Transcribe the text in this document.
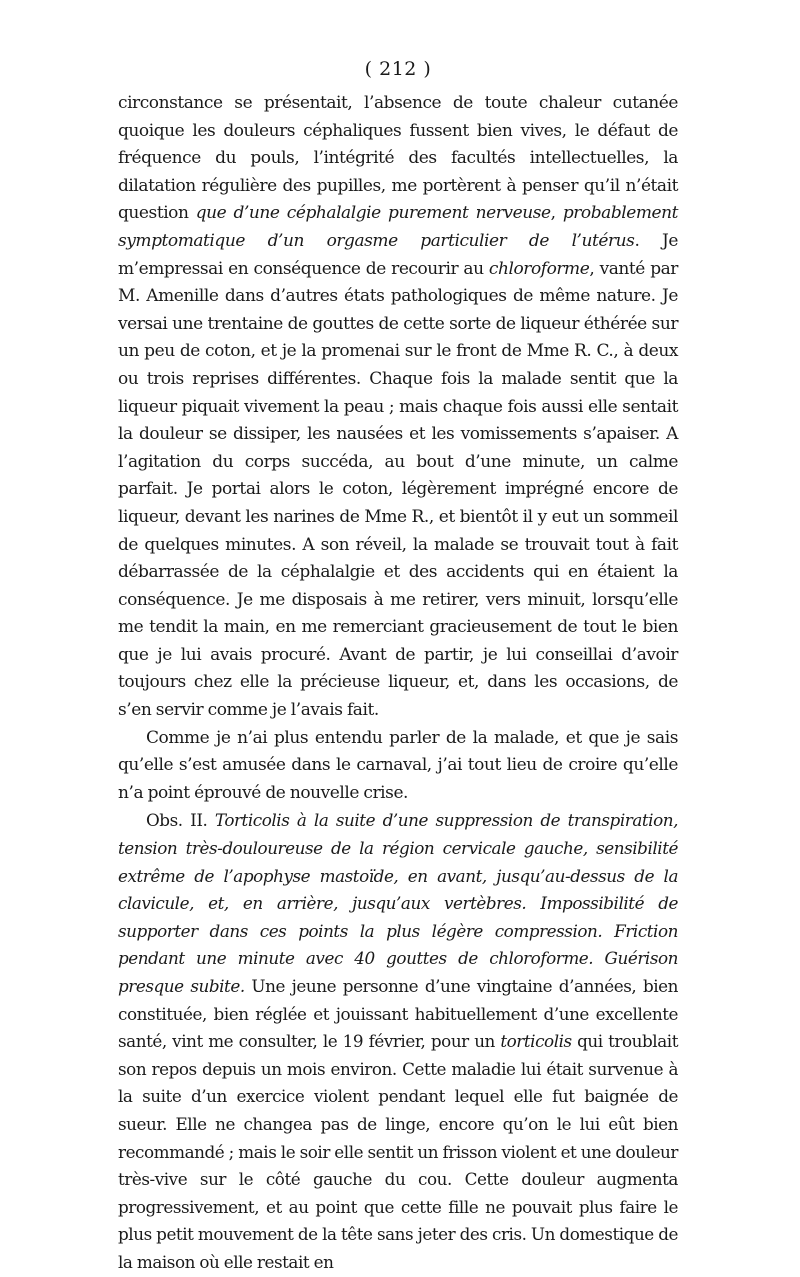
( 212 )

circonstance se présentait, l’absence de toute chaleur cutanée quoique les douleurs céphaliques fussent bien vives, le défaut de fréquence du pouls, l’intégrité des facultés intellectuelles, la dilatation régulière des pupilles, me portèrent à penser qu’il n’était question que d’une céphalalgie purement nerveuse, probablement symptomatique d’un orgasme particulier de l’utérus. Je m’empressai en conséquence de recourir au chloroforme, vanté par M. Amenille dans d’autres états pathologiques de même nature. Je versai une trentaine de gouttes de cette sorte de liqueur éthérée sur un peu de coton, et je la promenai sur le front de Mme R. C., à deux ou trois reprises différentes. Chaque fois la malade sentit que la liqueur piquait vivement la peau ; mais chaque fois aussi elle sentait la douleur se dissiper, les nausées et les vomissements s’apaiser. A l’agitation du corps succéda, au bout d’une minute, un calme parfait. Je portai alors le coton, légèrement imprégné encore de liqueur, devant les narines de Mme R., et bientôt il y eut un sommeil de quelques minutes. A son réveil, la malade se trouvait tout à fait débarrassée de la céphalalgie et des accidents qui en étaient la conséquence. Je me disposais à me retirer, vers minuit, lorsqu’elle me tendit la main, en me remerciant gracieusement de tout le bien que je lui avais procuré. Avant de partir, je lui conseillai d’avoir toujours chez elle la précieuse liqueur, et, dans les occasions, de s’en servir comme je l’avais fait.

Comme je n’ai plus entendu parler de la malade, et que je sais qu’elle s’est amusée dans le carnaval, j’ai tout lieu de croire qu’elle n’a point éprouvé de nouvelle crise.

Obs. II. Torticolis à la suite d’une suppression de transpiration, tension très-douloureuse de la région cervicale gauche, sensibilité extrême de l’apophyse mastoïde, en avant, jusqu’au-dessus de la clavicule, et, en arrière, jusqu’aux vertèbres. Impossibilité de supporter dans ces points la plus légère compression. Friction pendant une minute avec 40 gouttes de chloroforme. Guérison presque subite. Une jeune personne d’une vingtaine d’années, bien constituée, bien réglée et jouissant habituellement d’une excellente santé, vint me consulter, le 19 février, pour un torticolis qui troublait son repos depuis un mois environ. Cette maladie lui était survenue à la suite d’un exercice violent pendant lequel elle fut baignée de sueur. Elle ne changea pas de linge, encore qu’on le lui eût bien recommandé ; mais le soir elle sentit un frisson violent et une douleur très-vive sur le côté gauche du cou. Cette douleur augmenta progressivement, et au point que cette fille ne pouvait plus faire le plus petit mouvement de la tête sans jeter des cris. Un domestique de la maison où elle restait en
